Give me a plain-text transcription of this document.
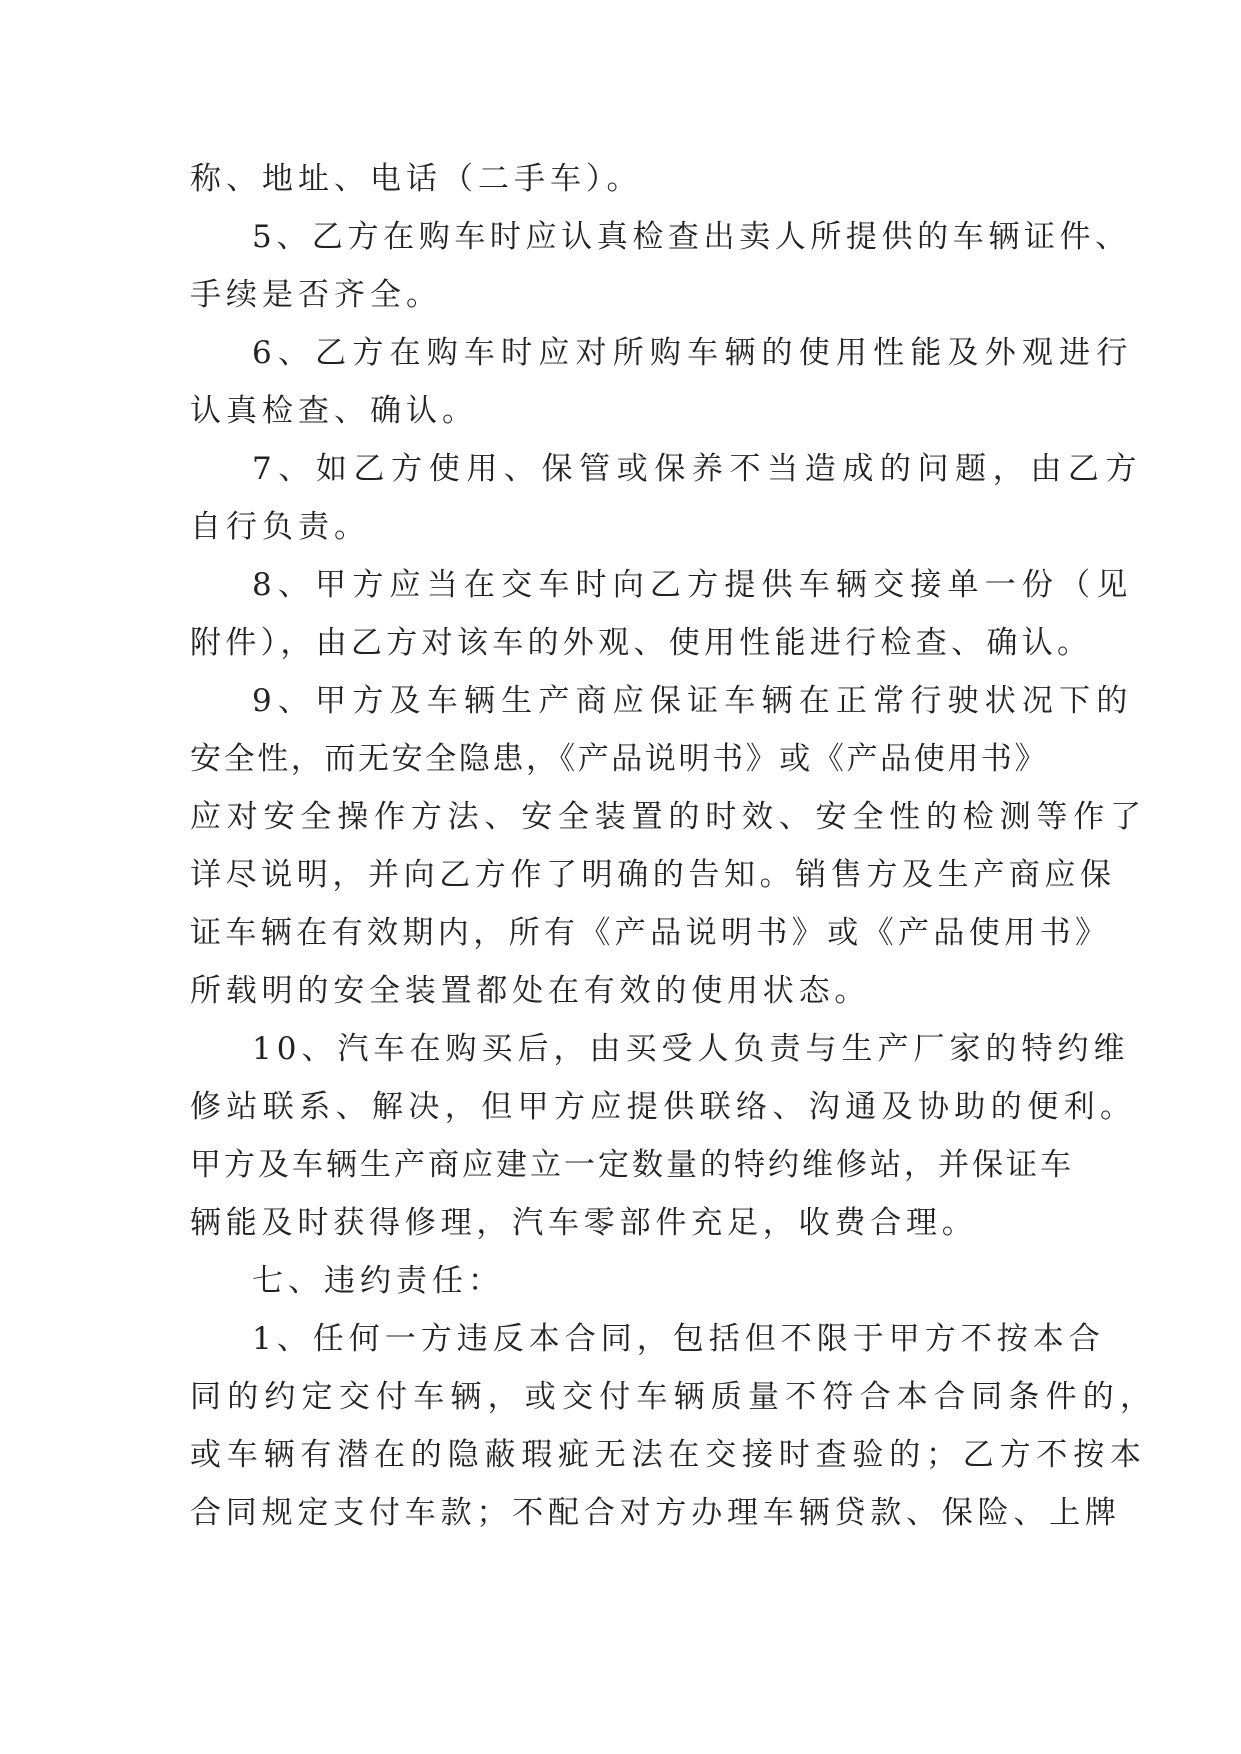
称、地址、电话（二手车）。
5、乙方在购车时应认真检查出卖人所提供的车辆证件、
手续是否齐全。
6、乙方在购车时应对所购车辆的使用性能及外观进行
认真检查、确认。
7、如乙方使用、保管或保养不当造成的问题，由乙方
自行负责。
8、甲方应当在交车时向乙方提供车辆交接单一份（见
附件），由乙方对该车的外观、使用性能进行检查、确认。
9、甲方及车辆生产商应保证车辆在正常行驶状况下的
安全性，而无安全隐患，《产品说明书》或《产品使用书》
应对安全操作方法、安全装置的时效、安全性的检测等作了
详尽说明，并向乙方作了明确的告知。销售方及生产商应保
证车辆在有效期内，所有《产品说明书》或《产品使用书》
所载明的安全装置都处在有效的使用状态。
10、汽车在购买后，由买受人负责与生产厂家的特约维
修站联系、解决，但甲方应提供联络、沟通及协助的便利。
甲方及车辆生产商应建立一定数量的特约维修站，并保证车
辆能及时获得修理，汽车零部件充足，收费合理。
七、违约责任：
1、任何一方违反本合同，包括但不限于甲方不按本合
同的约定交付车辆，或交付车辆质量不符合本合同条件的，
或车辆有潜在的隐蔽瑕疵无法在交接时查验的；乙方不按本
合同规定支付车款；不配合对方办理车辆贷款、保险、上牌
